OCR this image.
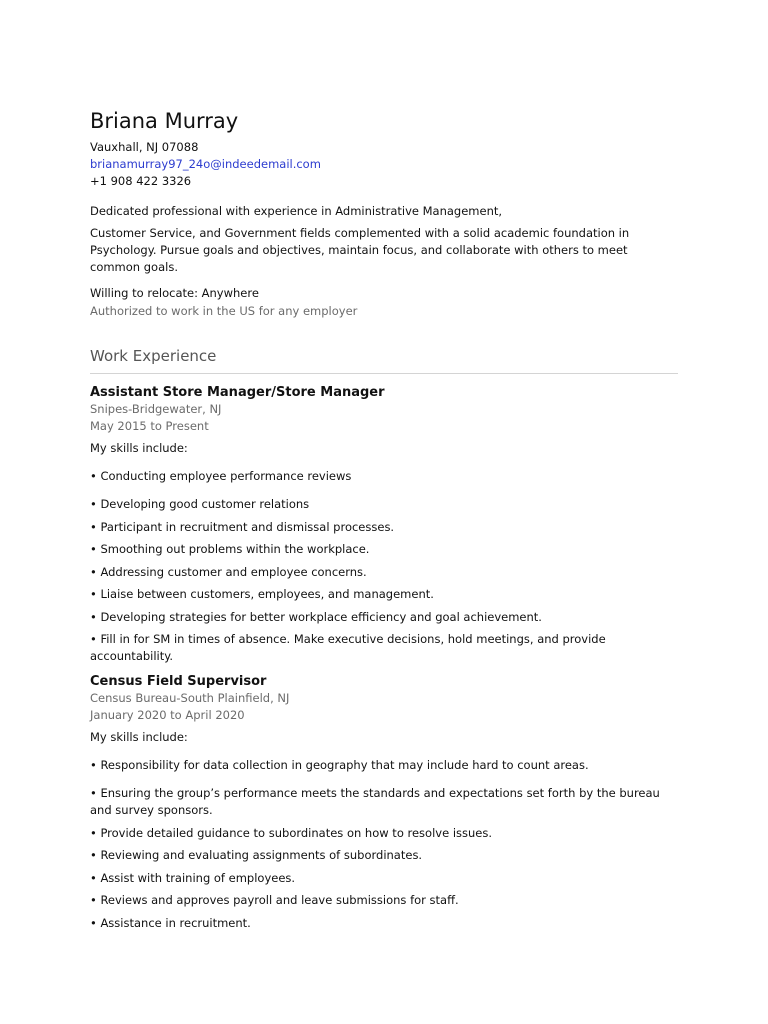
Briana Murray

Vauxhall, NJ 07088

brianamurray97_24o@indeedemail.com

+1 908 422 3326

Dedicated professional with experience in Administrative Management,

Customer Service, and Government fields complemented with a solid academic foundation in Psychology. Pursue goals and objectives, maintain focus, and collaborate with others to meet common goals.

Willing to relocate: Anywhere

Authorized to work in the US for any employer

Work Experience

Assistant Store Manager/Store Manager

Snipes-Bridgewater, NJ

May 2015 to Present

My skills include:

• Conducting employee performance reviews
• Developing good customer relations
• Participant in recruitment and dismissal processes.
• Smoothing out problems within the workplace.
• Addressing customer and employee concerns.
• Liaise between customers, employees, and management.
• Developing strategies for better workplace efficiency and goal achievement.
• Fill in for SM in times of absence. Make executive decisions, hold meetings, and provide accountability.

Census Field Supervisor

Census Bureau-South Plainfield, NJ

January 2020 to April 2020

My skills include:

• Responsibility for data collection in geography that may include hard to count areas.
• Ensuring the group’s performance meets the standards and expectations set forth by the bureau and survey sponsors.
• Provide detailed guidance to subordinates on how to resolve issues.
• Reviewing and evaluating assignments of subordinates.
• Assist with training of employees.
• Reviews and approves payroll and leave submissions for staff.
• Assistance in recruitment.
